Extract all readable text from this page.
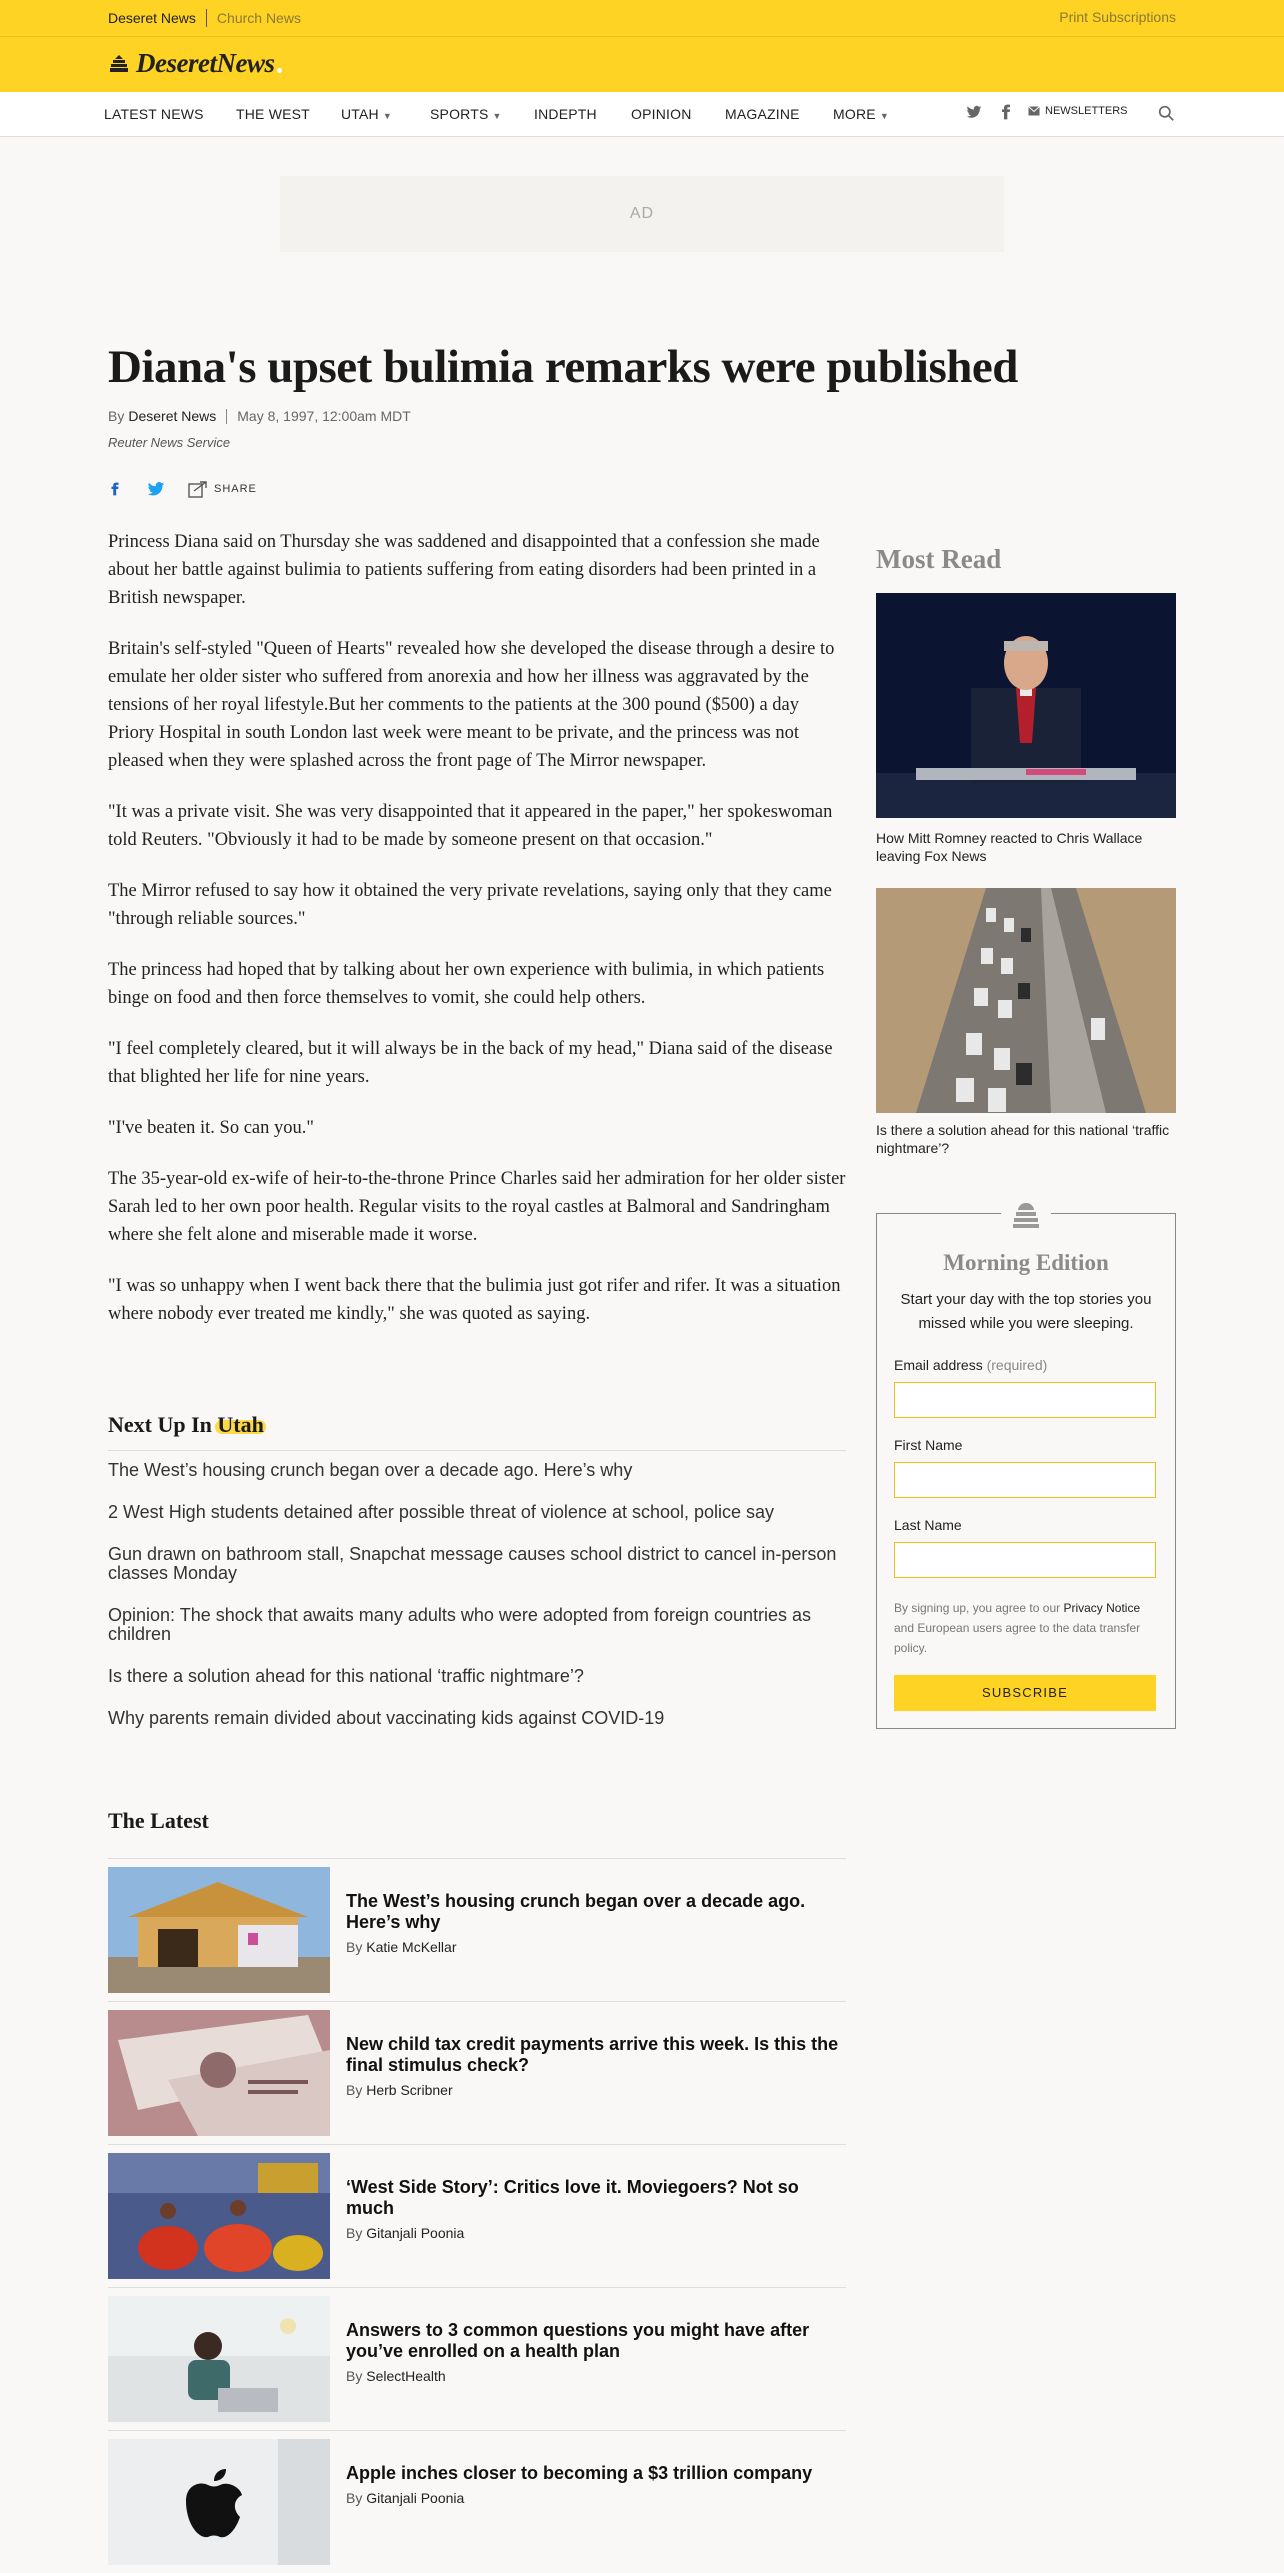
Deseret News Church News	Print Subscriptions
DeseretNews
LATEST NEWS THE WEST UTAH ▼	SPORTS ▼ INDEPTH OPINION MAGAZINE MORE ▼	NEWSLETTERS
AD
Diana's upset bulimia remarks were published
By Deseret News May 8, 1997, 12:00am MDT
Reuter News Service
SHARE

Princess Diana said on Thursday she was saddened and disappointed that a confession she made about her battle against bulimia to patients suffering from eating disorders had been printed in a British newspaper.

Britain's self-styled "Queen of Hearts" revealed how she developed the disease through a desire to emulate her older sister who suffered from anorexia and how her illness was aggravated by the tensions of her royal lifestyle.But her comments to the patients at the 300 pound ($500) a day Priory Hospital in south London last week were meant to be private, and the princess was not pleased when they were splashed across the front page of The Mirror newspaper.

"It was a private visit. She was very disappointed that it appeared in the paper," her spokeswoman told Reuters. "Obviously it had to be made by someone present on that occasion."

The Mirror refused to say how it obtained the very private revelations, saying only that they came "through reliable sources."

The princess had hoped that by talking about her own experience with bulimia, in which patients binge on food and then force themselves to vomit, she could help others.

"I feel completely cleared, but it will always be in the back of my head," Diana said of the disease that blighted her life for nine years.

"I've beaten it. So can you."

The 35-year-old ex-wife of heir-to-the-throne Prince Charles said her admiration for her older sister Sarah led to her own poor health. Regular visits to the royal castles at Balmoral and Sandringham where she felt alone and miserable made it worse.

"I was so unhappy when I went back there that the bulimia just got rifer and rifer. It was a situation where nobody ever treated me kindly," she was quoted as saying.

Next Up In Utah
The West’s housing crunch began over a decade ago. Here’s why
2 West High students detained after possible threat of violence at school, police say
Gun drawn on bathroom stall, Snapchat message causes school district to cancel in-person classes Monday
Opinion: The shock that awaits many adults who were adopted from foreign countries as children
Is there a solution ahead for this national ‘traffic nightmare’?
Why parents remain divided about vaccinating kids against COVID-19
The Latest
The West’s housing crunch began over a decade ago. Here’s why
By Katie McKellar
New child tax credit payments arrive this week. Is this the final stimulus check?
By Herb Scribner
‘West Side Story’: Critics love it. Moviegoers? Not so much
By Gitanjali Poonia
Answers to 3 common questions you might have after you’ve enrolled on a health plan
By SelectHealth
Apple inches closer to becoming a $3 trillion company
By Gitanjali Poonia
Most Read
How Mitt Romney reacted to Chris Wallace leaving Fox News
Is there a solution ahead for this national ‘traffic nightmare’?
Morning Edition
Start your day with the top stories you missed while you were sleeping.
Email address (required)
First Name
Last Name
By signing up, you agree to our Privacy Notice and European users agree to the data transfer policy.
SUBSCRIBE
